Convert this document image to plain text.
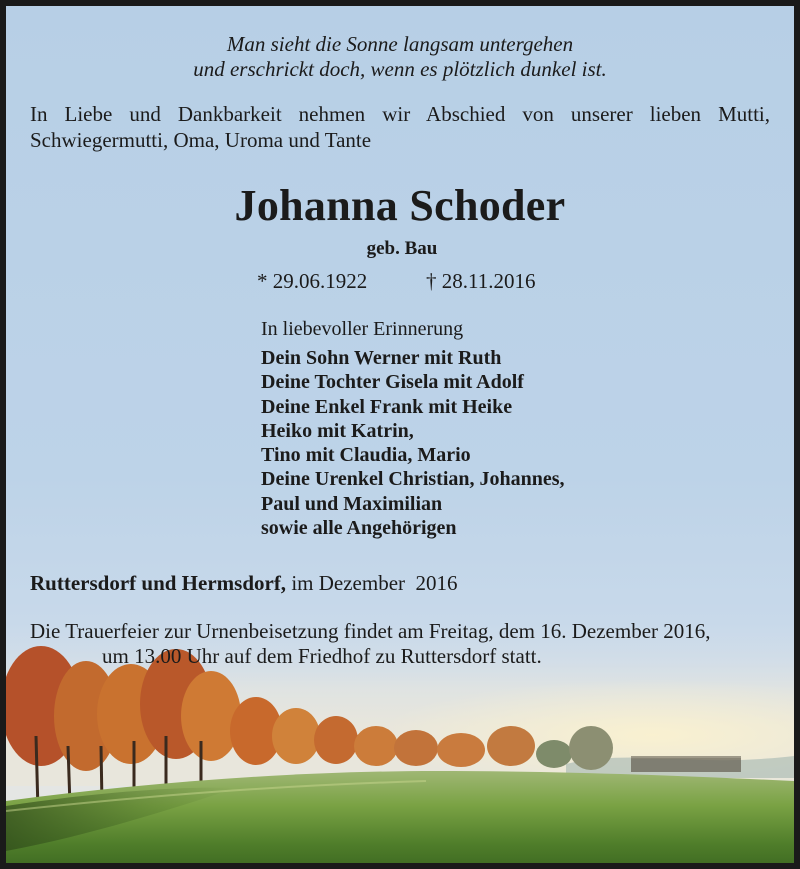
Man sieht die Sonne langsam untergehen
und erschrickt doch, wenn es plötzlich dunkel ist.
In Liebe und Dankbarkeit nehmen wir Abschied von unserer lieben Mutti,
Schwiegermutti, Oma, Uroma und Tante
Johanna Schoder
geb. Bau
* 29.06.1922	† 28.11.2016
In liebevoller Erinnerung
Dein Sohn Werner mit Ruth
Deine Tochter Gisela mit Adolf
Deine Enkel Frank mit Heike
Heiko mit Katrin,
Tino mit Claudia, Mario
Deine Urenkel Christian, Johannes,
Paul und Maximilian
sowie alle Angehörigen
Ruttersdorf und Hermsdorf, im Dezember  2016
Die Trauerfeier zur Urnenbeisetzung findet am Freitag, dem 16. Dezember 2016,
um 13.00 Uhr auf dem Friedhof zu Ruttersdorf statt.
